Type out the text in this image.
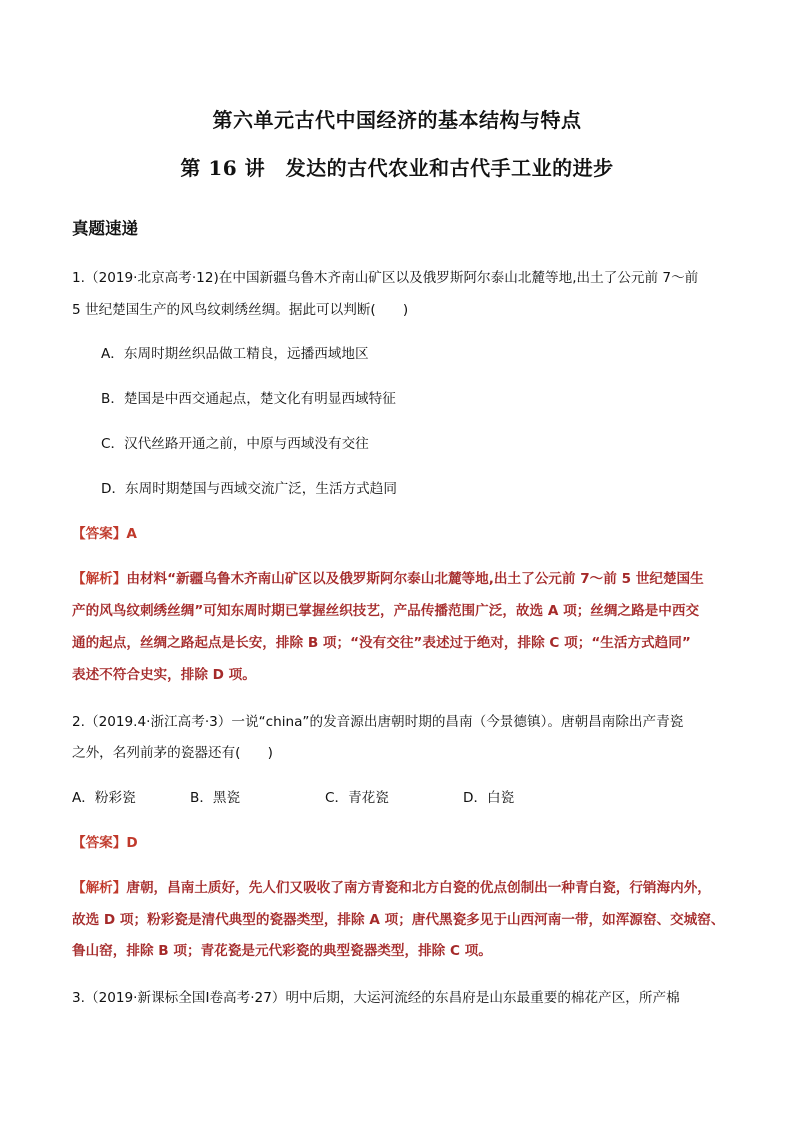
第六单元古代中国经济的基本结构与特点
第 16 讲　发达的古代农业和古代手工业的进步
真题速递
1.（2019·北京高考·12)在中国新疆乌鲁木齐南山矿区以及俄罗斯阿尔泰山北麓等地,出土了公元前 7～前
5 世纪楚国生产的风鸟纹刺绣丝绸。据此可以判断(　　)
A．东周时期丝织品做工精良，远播西域地区
B．楚国是中西交通起点，楚文化有明显西域特征
C．汉代丝路开通之前，中原与西域没有交往
D．东周时期楚国与西域交流广泛，生活方式趋同
【答案】A
【解析】由材料“新疆乌鲁木齐南山矿区以及俄罗斯阿尔泰山北麓等地,出土了公元前 7～前 5 世纪楚国生
产的风鸟纹刺绣丝绸”可知东周时期已掌握丝织技艺，产品传播范围广泛，故选 A 项；丝绸之路是中西交
通的起点，丝绸之路起点是长安，排除 B 项；“没有交往”表述过于绝对，排除 C 项；“生活方式趋同”
表述不符合史实，排除 D 项。
2.（2019.4·浙江高考·3）一说“china”的发音源出唐朝时期的昌南（今景德镇）。唐朝昌南除出产青瓷
之外，名列前茅的瓷器还有(　　)
A．粉彩瓷	B．黑瓷	C．青花瓷	D．白瓷
【答案】D
【解析】唐朝，昌南土质好，先人们又吸收了南方青瓷和北方白瓷的优点创制出一种青白瓷，行销海内外，
故选 D 项；粉彩瓷是清代典型的瓷器类型，排除 A 项；唐代黑瓷多见于山西河南一带，如浑源窑、交城窑、
鲁山窑，排除 B 项；青花瓷是元代彩瓷的典型瓷器类型，排除 C 项。
3.（2019·新课标全国Ⅰ卷高考·27）明中后期，大运河流经的东昌府是山东最重要的棉花产区，所产棉
